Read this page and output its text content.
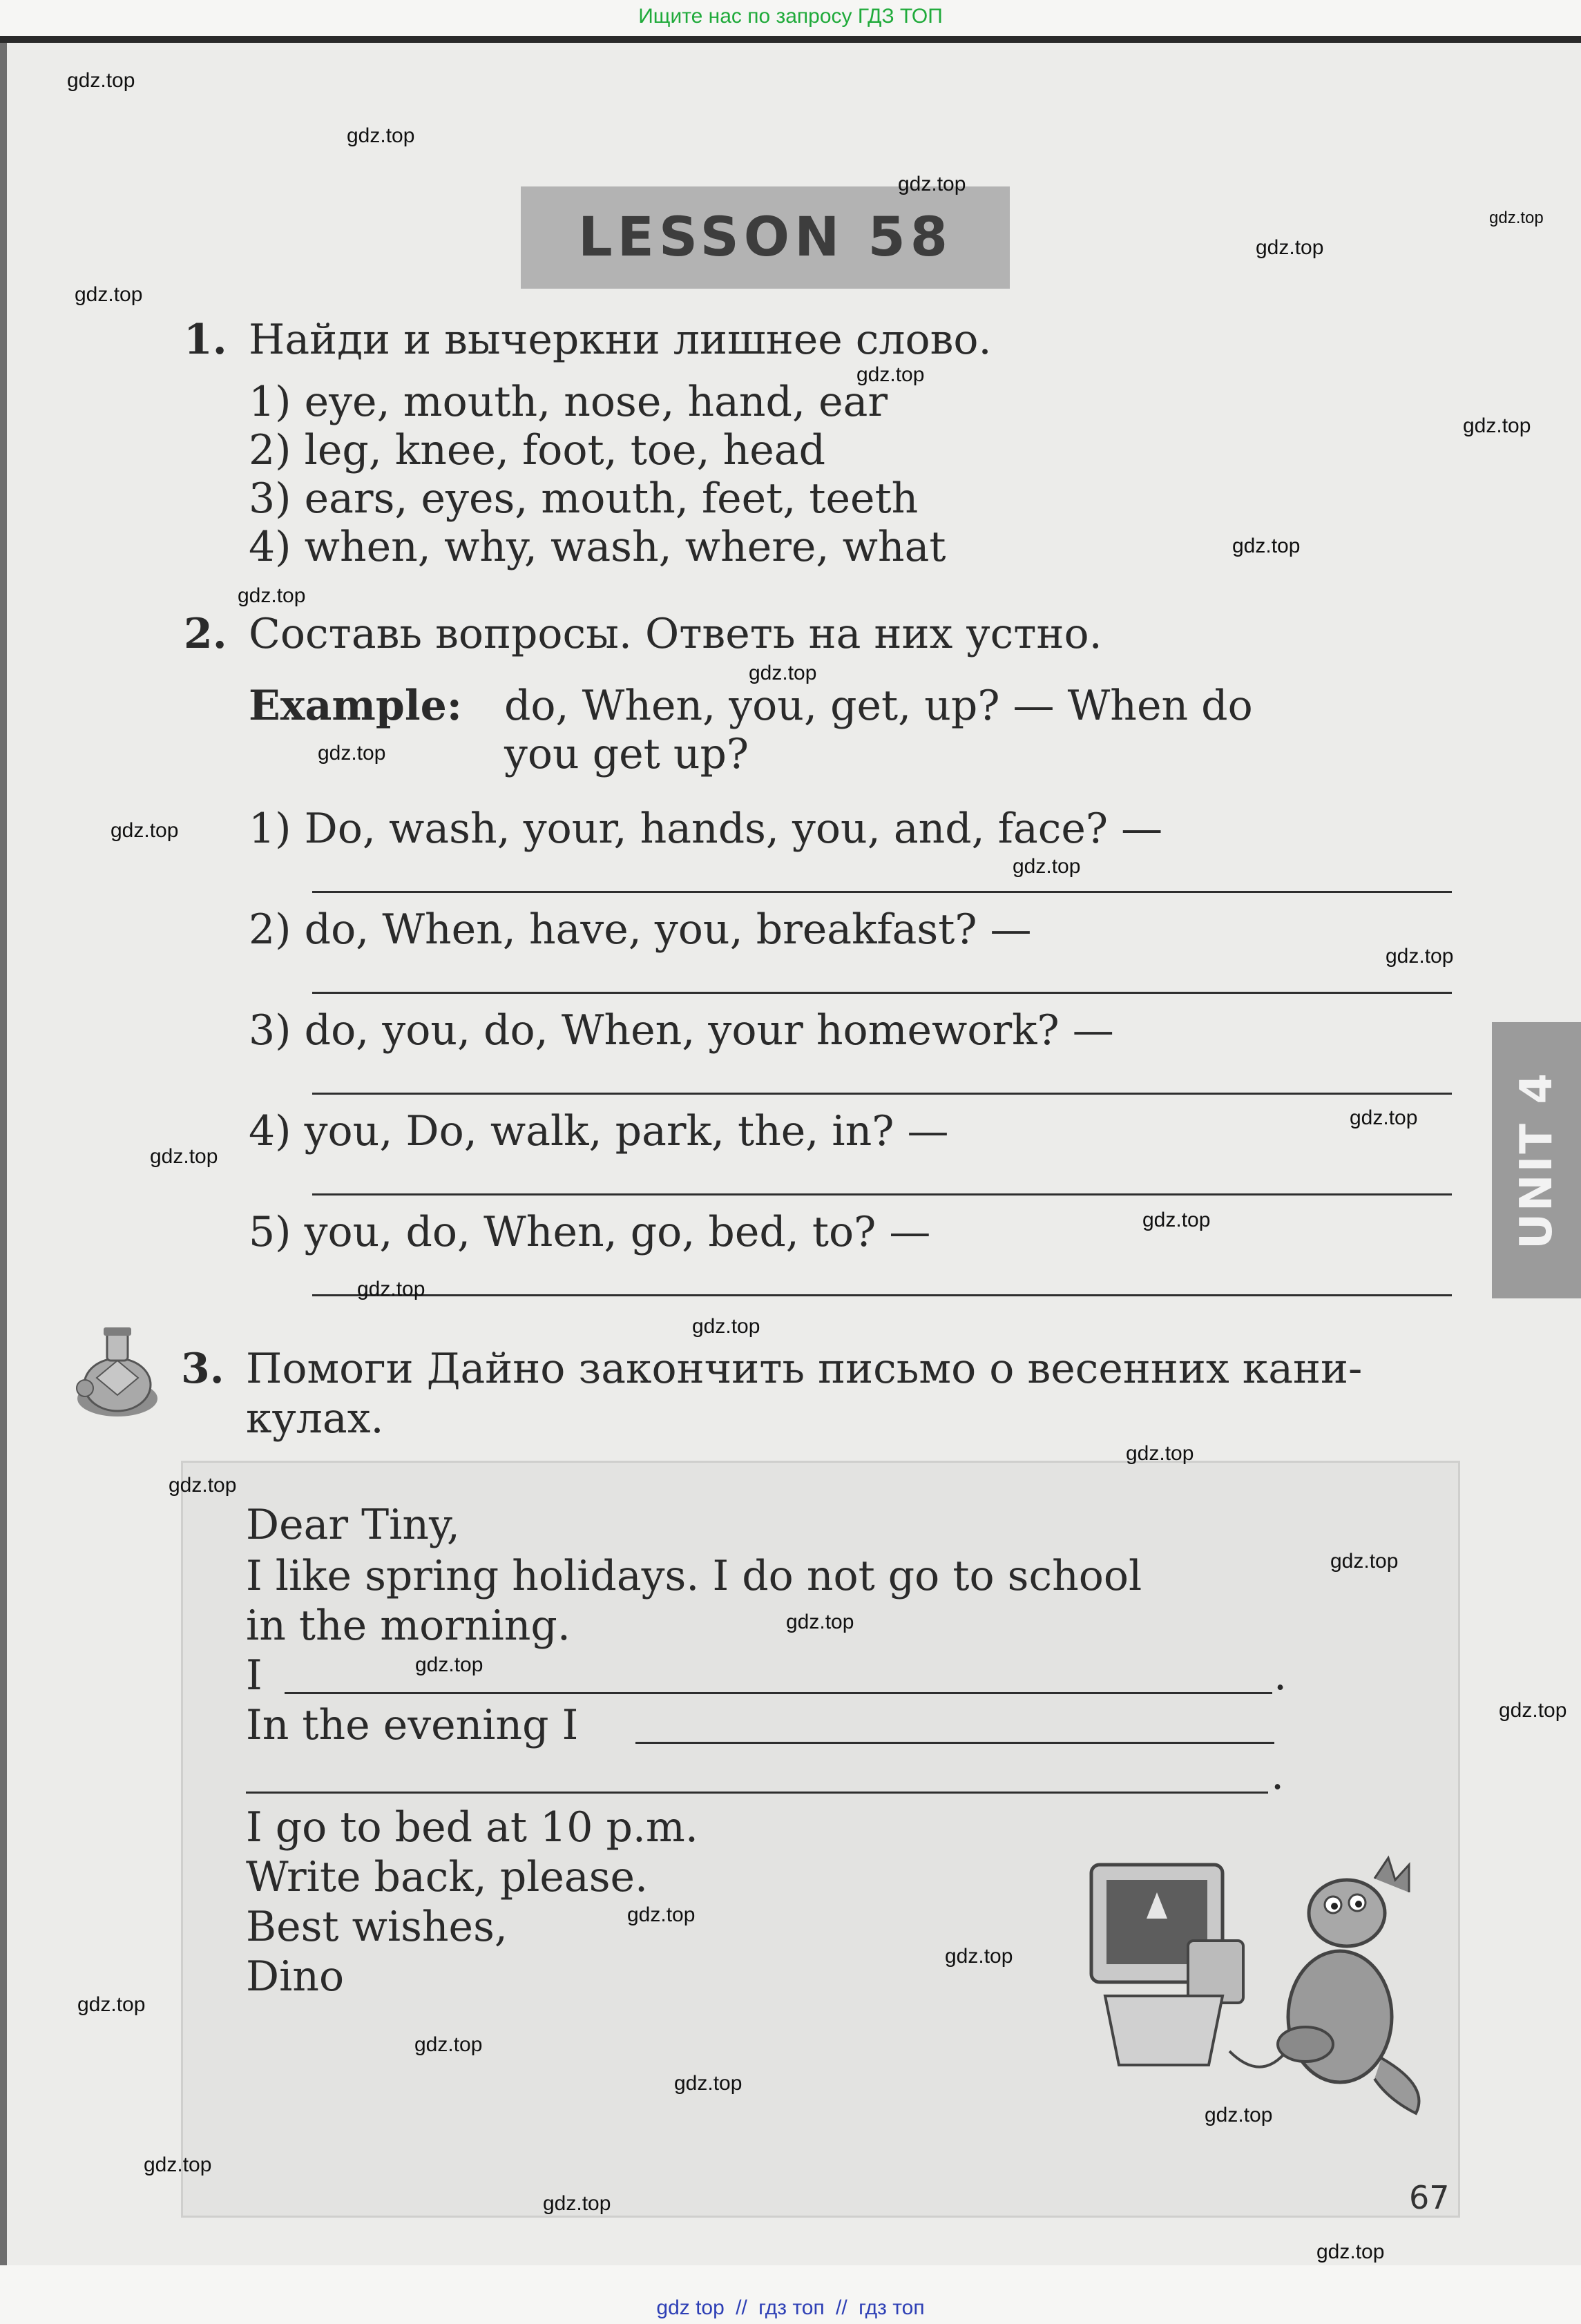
Ищите нас по запросу ГДЗ ТОП
LESSON 58
1. Найди и вычеркни лишнее слово.
1) eye, mouth, nose, hand, ear
2) leg, knee, foot, toe, head
3) ears, eyes, mouth, feet, teeth
4) when, why, wash, where, what
2. Составь вопросы. Ответь на них устно.
Example: do, When, you, get, up? — When do
you get up?
1) Do, wash, your, hands, you, and, face? —
2) do, When, have, you, breakfast? —
3) do, you, do, When, your homework? —
4) you, Do, walk, park, the, in? —
5) you, do, When, go, bed, to? —
3. Помоги Дайно закончить письмо о весенних кани-
кулах.
Dear Tiny,
I like spring holidays. I do not go to school
in the morning.
I	.
In the evening I
.
I go to bed at 10 p.m.
Write back, please.
Best wishes,
Dino
UNIT 4
67
gdz.top
gdz.top
gdz.top
gdz.top
gdz.top
gdz.top
gdz.top
gdz.top
gdz.top
gdz.top
gdz.top
gdz.top
gdz.top
gdz.top
gdz.top
gdz.top
gdz.top
gdz.top
gdz.top
gdz.top
gdz.top
gdz.top
gdz.top
gdz.top
gdz.top
gdz.top
gdz.top
gdz.top
gdz.top
gdz.top
gdz.top
gdz.top
gdz.top
gdz.top
gdz.top
gdz top // гдз топ // гдз топ
